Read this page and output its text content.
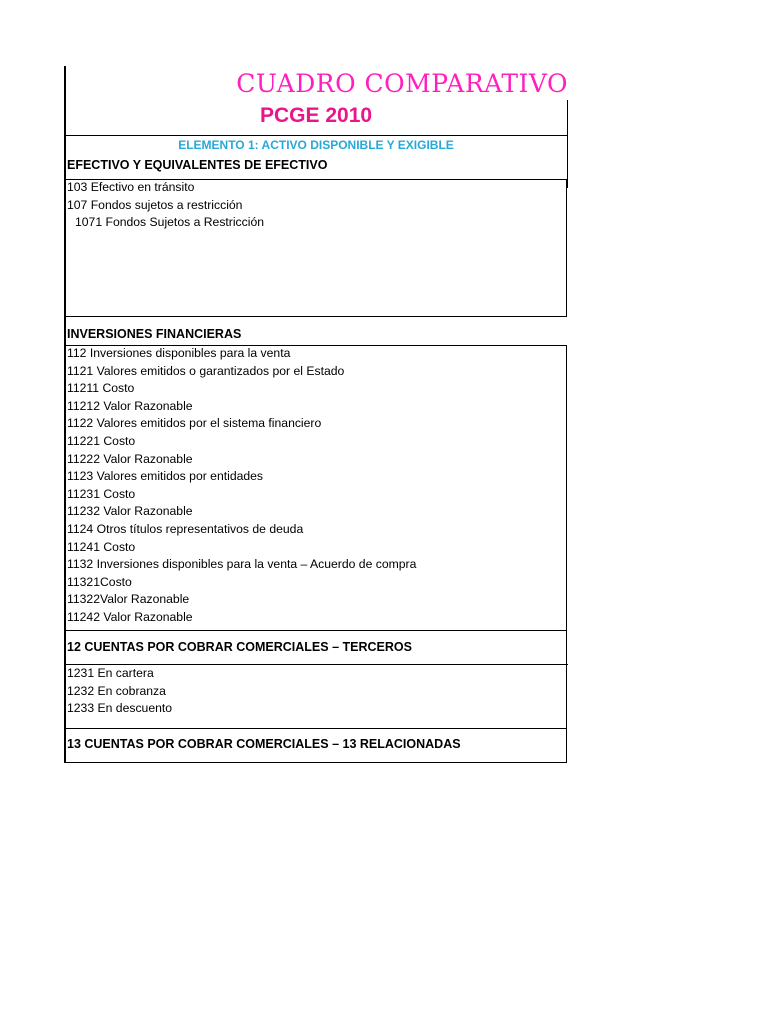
CUADRO COMPARATIVO
PCGE 2010
ELEMENTO 1: ACTIVO DISPONIBLE Y EXIGIBLE
EFECTIVO Y EQUIVALENTES DE EFECTIVO
103 Efectivo en tránsito
107 Fondos sujetos a restricción
1071 Fondos Sujetos a Restricción
INVERSIONES FINANCIERAS
112 Inversiones disponibles para la venta
1121 Valores emitidos o garantizados por el Estado
11211 Costo
11212 Valor Razonable
1122 Valores emitidos por el sistema financiero
11221 Costo
11222 Valor Razonable
1123 Valores emitidos por entidades
11231 Costo
11232 Valor Razonable
1124 Otros títulos representativos de deuda
11241 Costo
1132 Inversiones disponibles para la venta – Acuerdo de compra
11321Costo
11322Valor Razonable
11242 Valor Razonable
12 CUENTAS POR COBRAR COMERCIALES – TERCEROS
1231 En cartera
1232 En cobranza
1233 En descuento
13 CUENTAS POR COBRAR COMERCIALES – 13 RELACIONADAS
